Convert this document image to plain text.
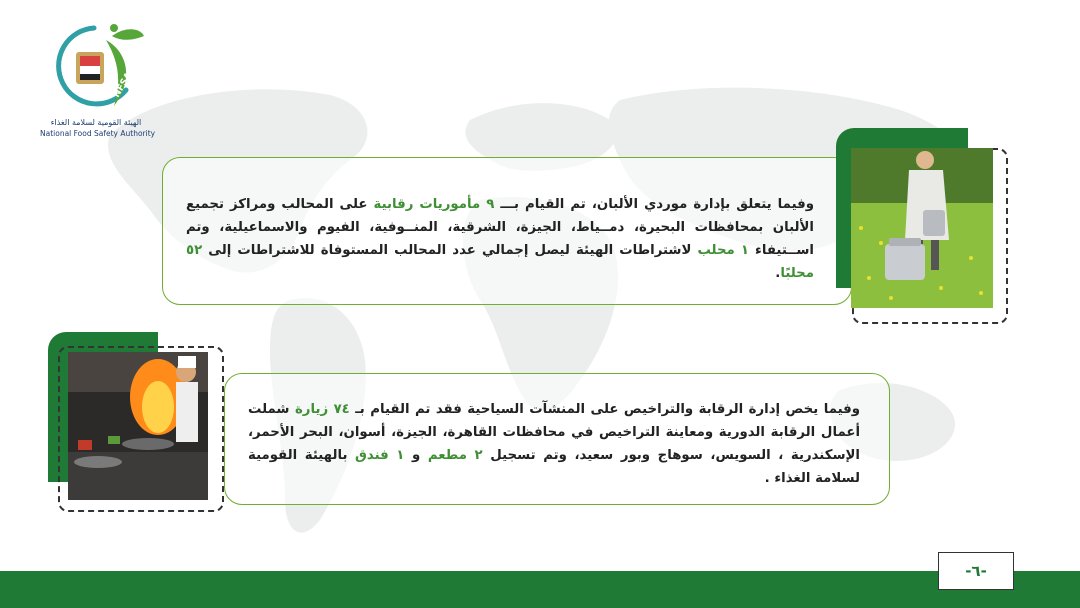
NFSA
الهيئة القومية لسلامة الغذاء
National Food Safety Authority
وفيما يتعلق بإدارة موردي الألبان، تم القيام بـــ ٩ مأموريات رقابية على المحالب ومراكز تجميع الألبان بمحافظات البحيرة، دمــياط، الجيزة، الشرقية، المنــوفية، الفيوم والاسماعيلية، وتم اســتيفاء ١ محلب لاشتراطات الهيئة ليصل إجمالي عدد المحالب المستوفاة للاشتراطات إلى ٥٢ محلبًا.
وفيما يخص إدارة الرقابة والتراخيص على المنشآت السياحية فقد تم القيام بـ ٧٤ زيارة شملت أعمال الرقابة الدورية ومعاينة التراخيص في محافظات القاهرة، الجيزة، أسوان، البحر الأحمر، الإسكندرية ، السويس، سوهاج وبور سعيد، وتم تسجيل ٢ مطعم و ١ فندق بالهيئة القومية لسلامة الغذاء .
-٦-
